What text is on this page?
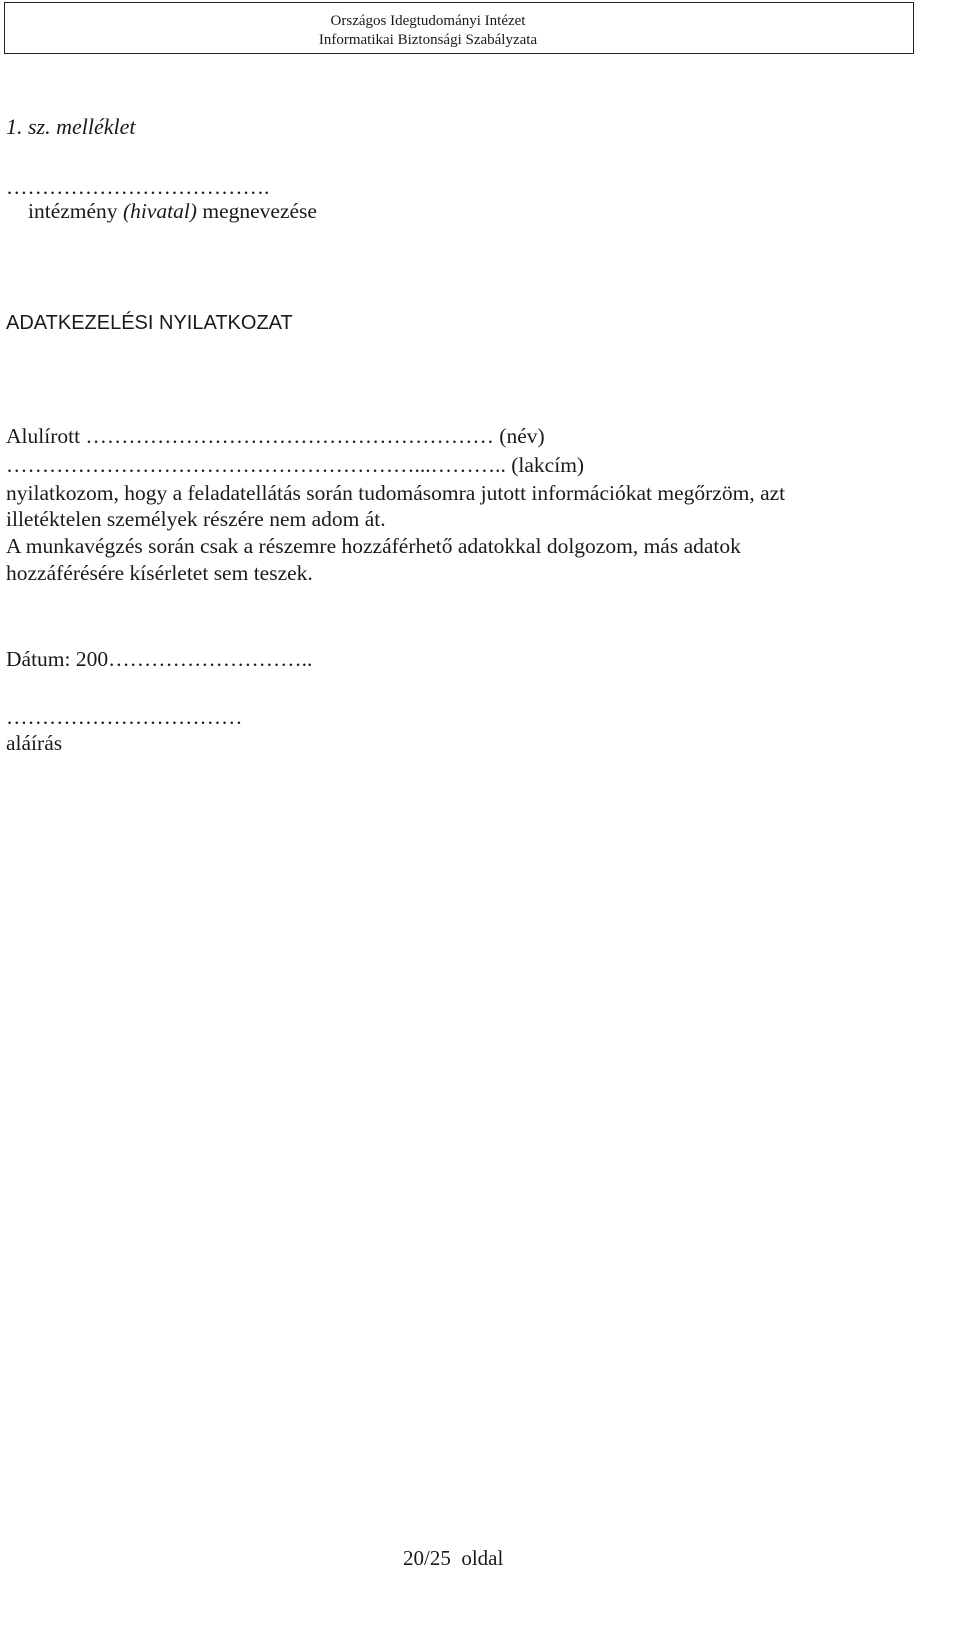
Országos Idegtudományi Intézet
Informatikai Biztonsági Szabályzata
1. sz. melléklet
……………………………….
intézmény (hivatal) megnevezése
ADATKEZELÉSI NYILATKOZAT
Alulírott ………………………………………………… (név)
…………………………………………………...……….. (lakcím)
nyilatkozom, hogy a feladatellátás során tudomásomra jutott információkat megőrzöm, azt
illetéktelen személyek részére nem adom át.
A munkavégzés során csak a részemre hozzáférhető adatokkal dolgozom, más adatok
hozzáférésére kísérletet sem teszek.
Dátum: 200………………………..
……………………………
aláírás
20/25  oldal
